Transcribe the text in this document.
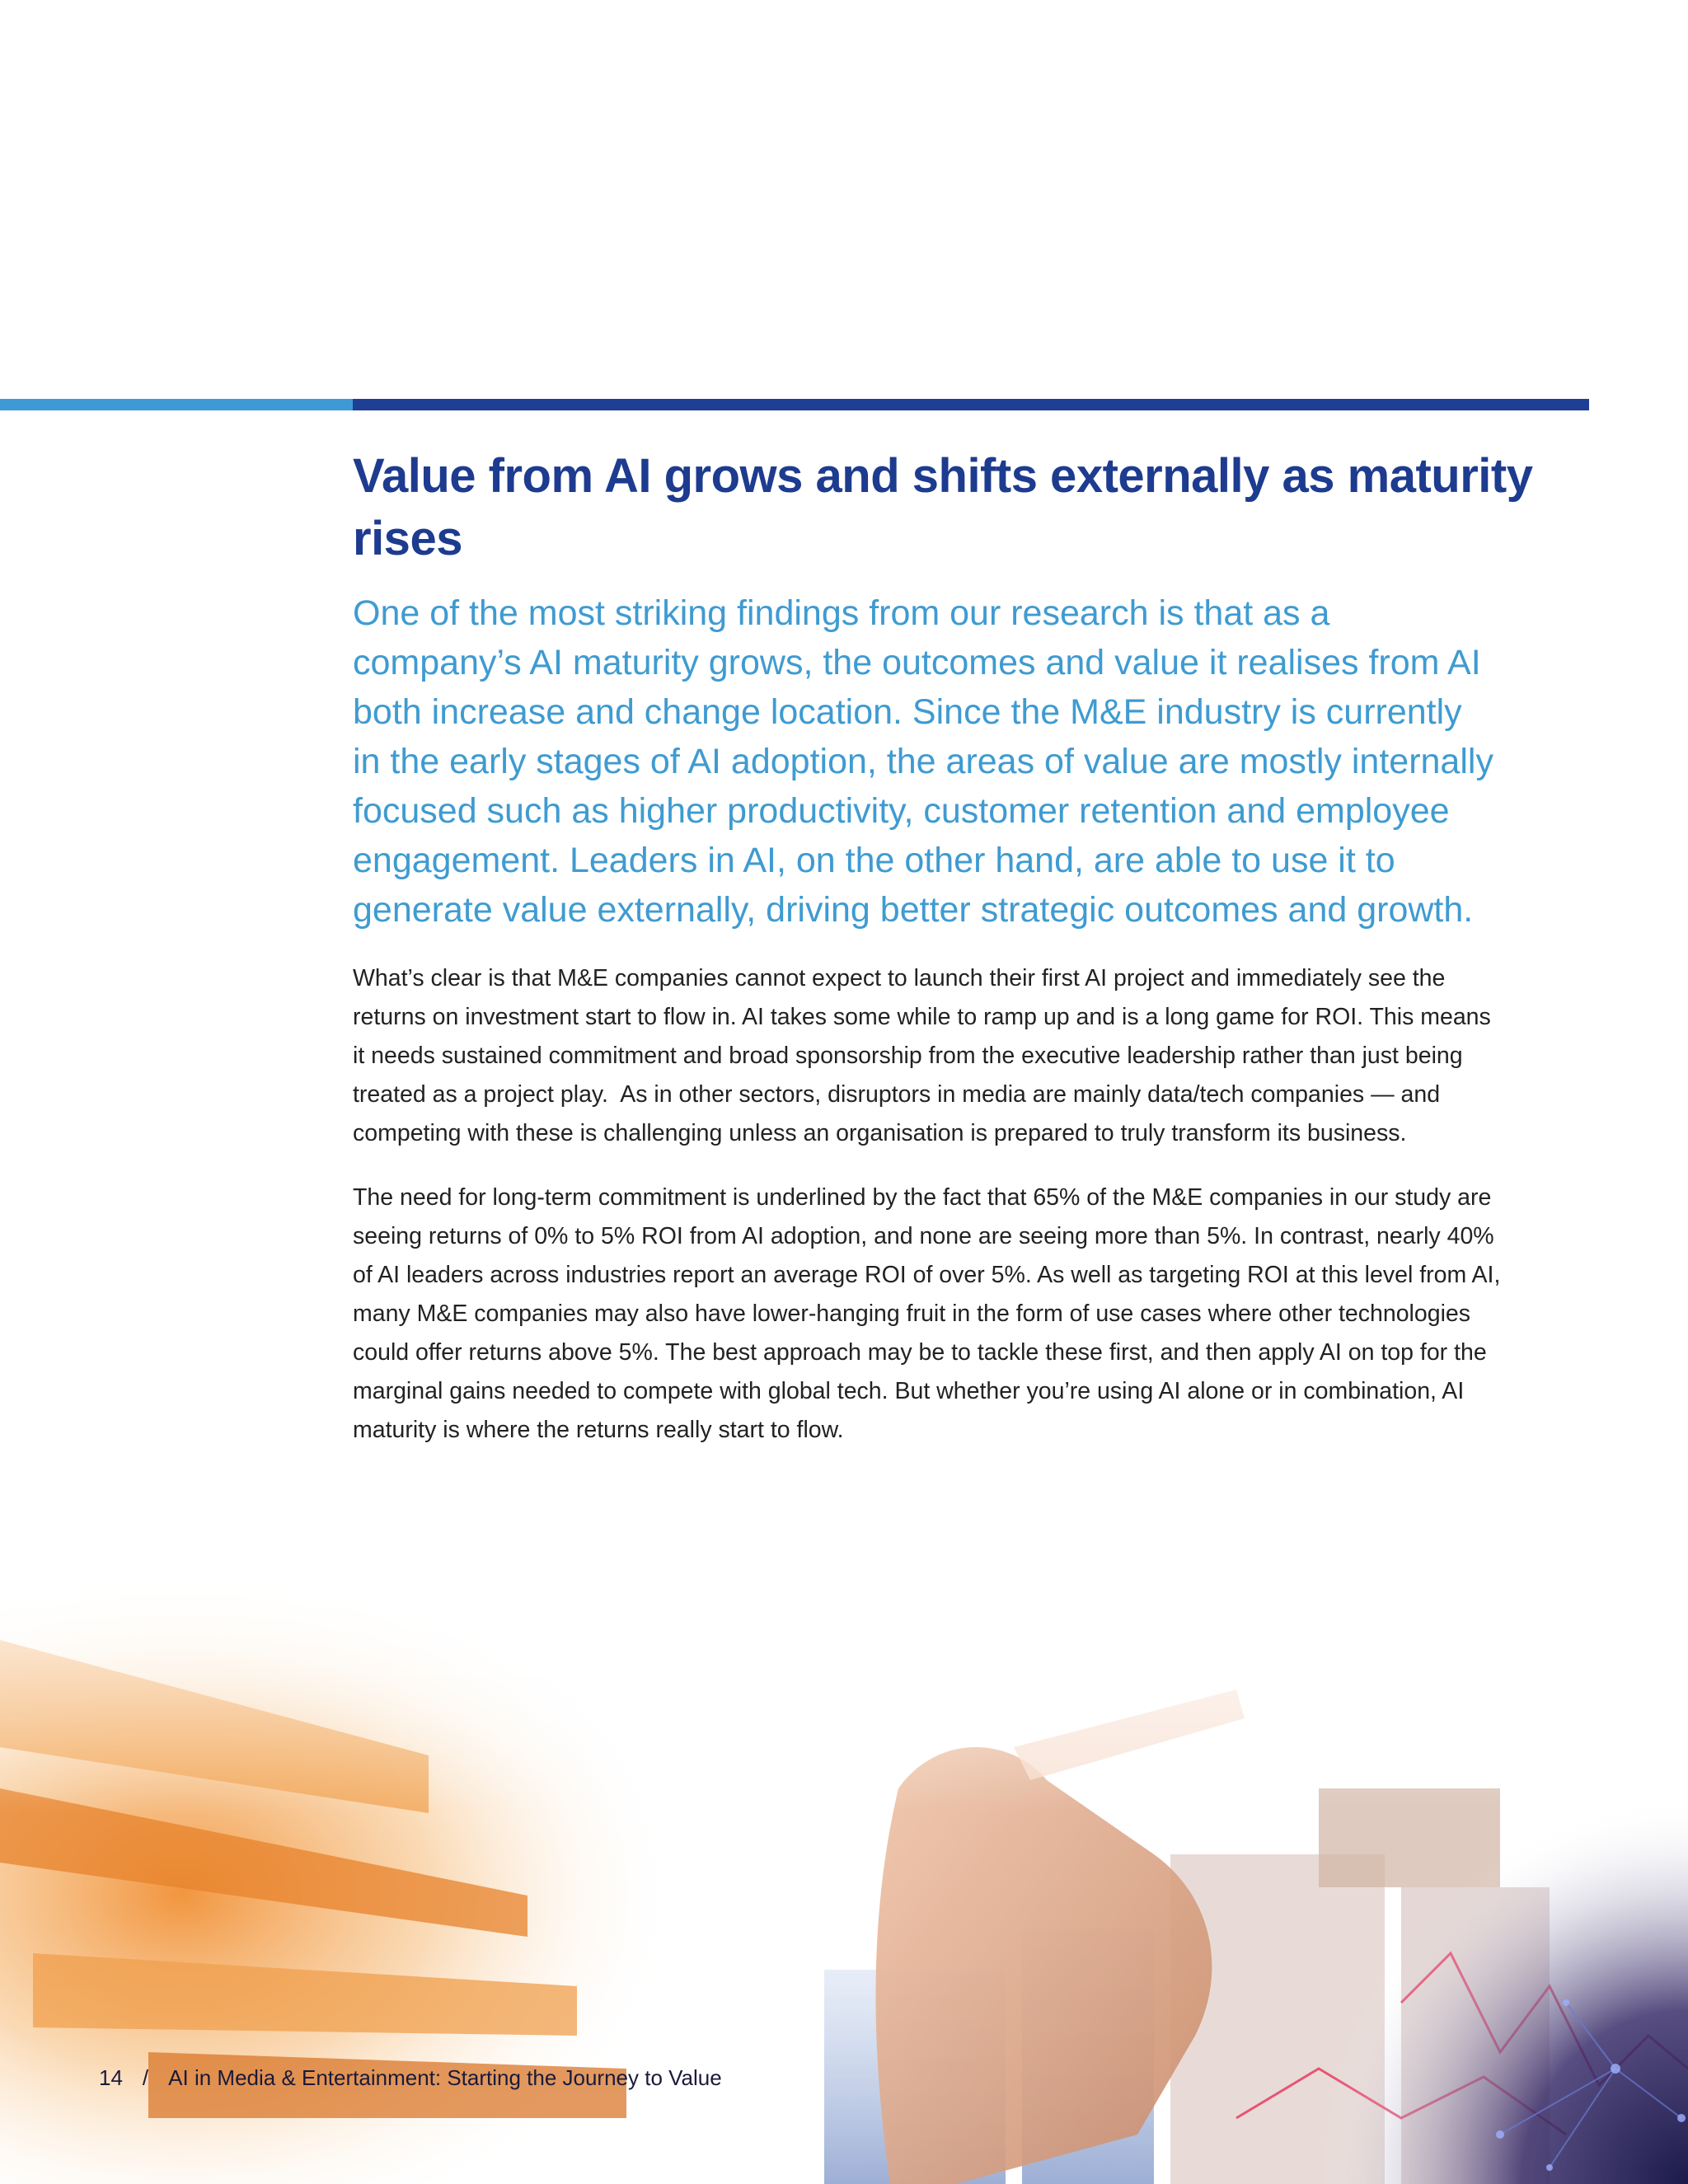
Value from AI grows and shifts externally as maturity rises
One of the most striking findings from our research is that as a
company’s AI maturity grows, the outcomes and value it realises from AI
both increase and change location. Since the M&E industry is currently
in the early stages of AI adoption, the areas of value are mostly internally
focused such as higher productivity, customer retention and employee
engagement. Leaders in AI, on the other hand, are able to use it to
generate value externally, driving better strategic outcomes and growth.

What’s clear is that M&E companies cannot expect to launch their first AI project and immediately see the
returns on investment start to flow in. AI takes some while to ramp up and is a long game for ROI. This means
it needs sustained commitment and broad sponsorship from the executive leadership rather than just being
treated as a project play.  As in other sectors, disruptors in media are mainly data/tech companies — and
competing with these is challenging unless an organisation is prepared to truly transform its business.

The need for long-term commitment is underlined by the fact that 65% of the M&E companies in our study are
seeing returns of 0% to 5% ROI from AI adoption, and none are seeing more than 5%. In contrast, nearly 40%
of AI leaders across industries report an average ROI of over 5%. As well as targeting ROI at this level from AI,
many M&E companies may also have lower-hanging fruit in the form of use cases where other technologies
could offer returns above 5%. The best approach may be to tackle these first, and then apply AI on top for the
marginal gains needed to compete with global tech. But whether you’re using AI alone or in combination, AI
maturity is where the returns really start to flow.

14 / AI in Media & Entertainment: Starting the Journey to Value
